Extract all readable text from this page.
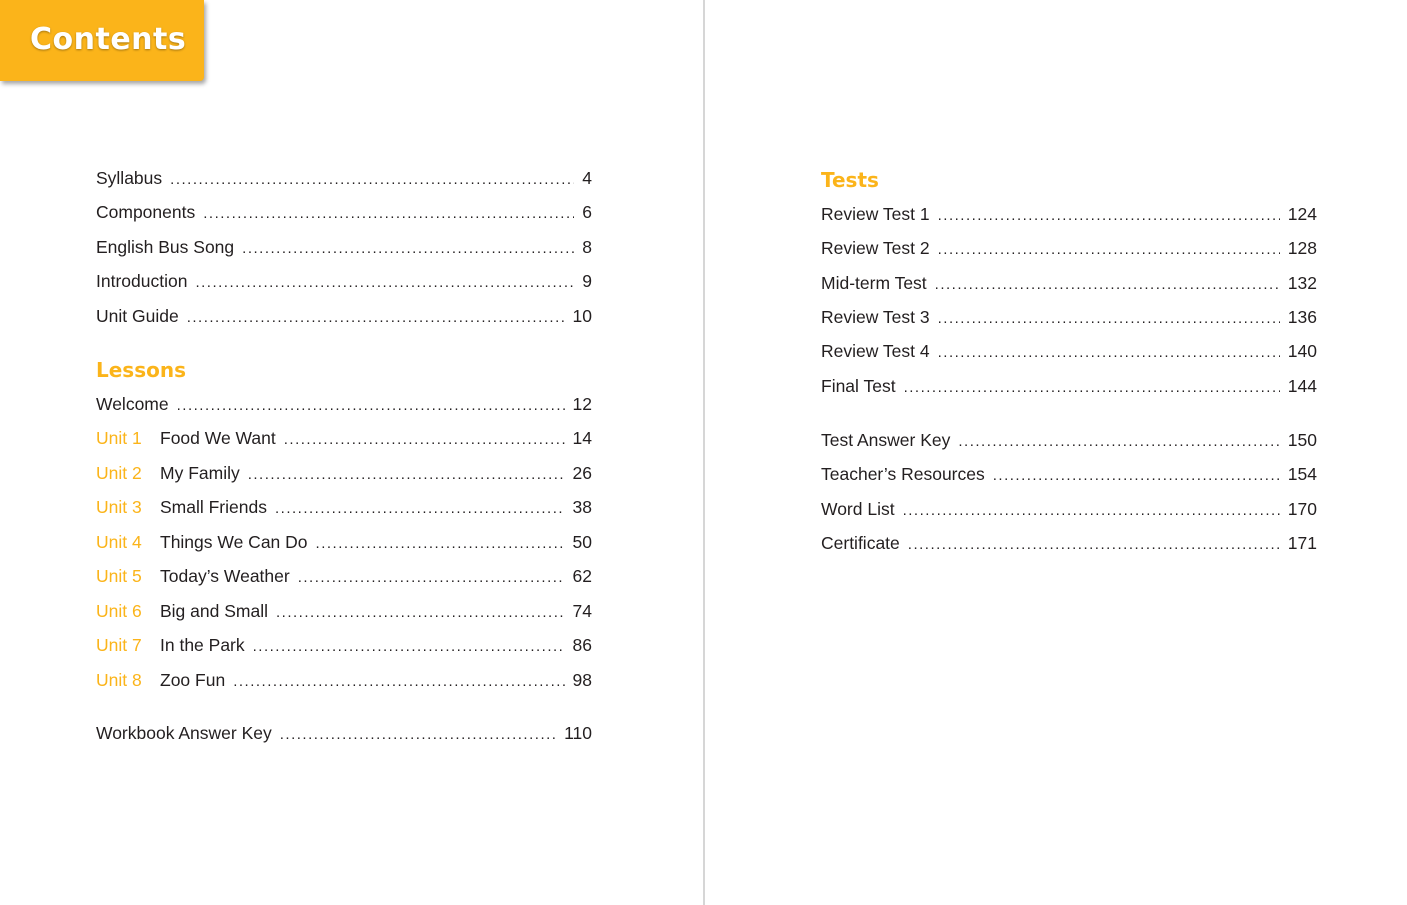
Contents
Syllabus .....	4
Components .....	6
English Bus Song .....	8
Introduction .....	9
Unit Guide .....	10
Lessons
Welcome .....	12
Unit 1	Food We Want .....	14
Unit 2	My Family .....	26
Unit 3	Small Friends .....	38
Unit 4	Things We Can Do .....	50
Unit 5	Today’s Weather .....	62
Unit 6	Big and Small .....	74
Unit 7	In the Park .....	86
Unit 8	Zoo Fun .....	98
Workbook Answer Key .....	110
Tests
Review Test 1 .....	124
Review Test 2 .....	128
Mid-term Test .....	132
Review Test 3 .....	136
Review Test 4 .....	140
Final Test .....	144
Test Answer Key .....	150
Teacher’s Resources .....	154
Word List .....	170
Certificate .....	171
